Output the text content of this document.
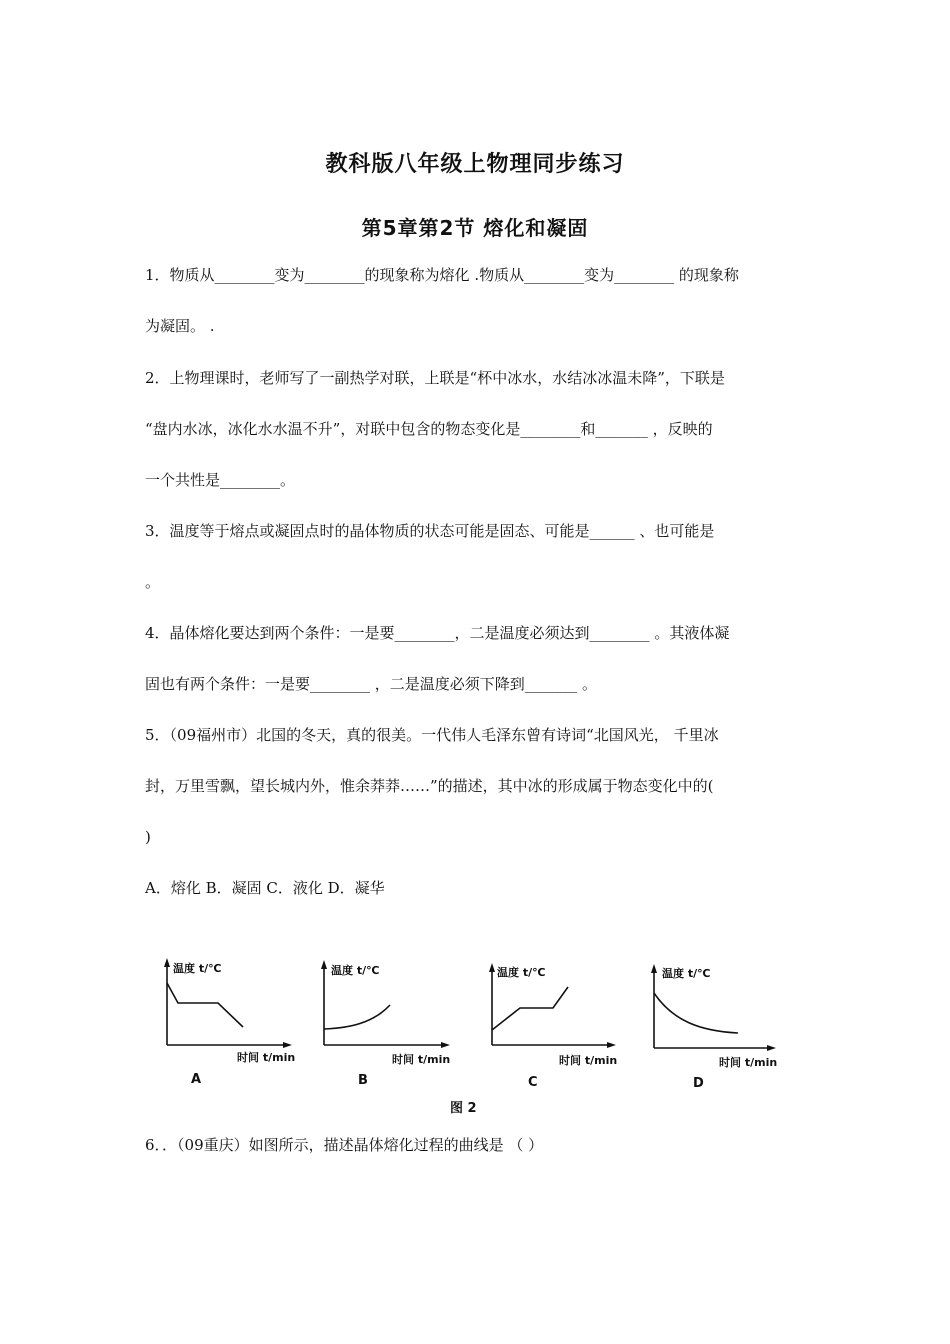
教科版八年级上物理同步练习
第5章第2节 熔化和凝固
1．物质从________变为________的现象称为熔化 .物质从________变为________ 的现象称
为凝固。 .
2．上物理课时，老师写了一副热学对联，上联是“杯中冰水，水结冰冰温未降”，下联是
“盘内水冰，冰化水水温不升”，对联中包含的物态变化是________和_______ ，反映的
一个共性是________。
3．温度等于熔点或凝固点时的晶体物质的状态可能是固态、可能是______ 、也可能是
。
4．晶体熔化要达到两个条件：一是要________，二是温度必须达到________ 。其液体凝
固也有两个条件：一是要________ ，二是温度必须下降到_______ 。
5．（09福州市）北国的冬天，真的很美。一代伟人毛泽东曾有诗词“北国风光， 千里冰
封，万里雪飘，望长城内外，惟余莽莽……”的描述，其中冰的形成属于物态变化中的(
)
A．熔化 B．凝固 C．液化 D．凝华
温度 t/℃
时间 t/min
A
温度 t/℃
时间 t/min
B
温度 t/℃
时间 t/min
C
温度 t/℃
时间 t/min
D
图 2
6．．（09重庆）如图所示，描述晶体熔化过程的曲线是 （ ）
